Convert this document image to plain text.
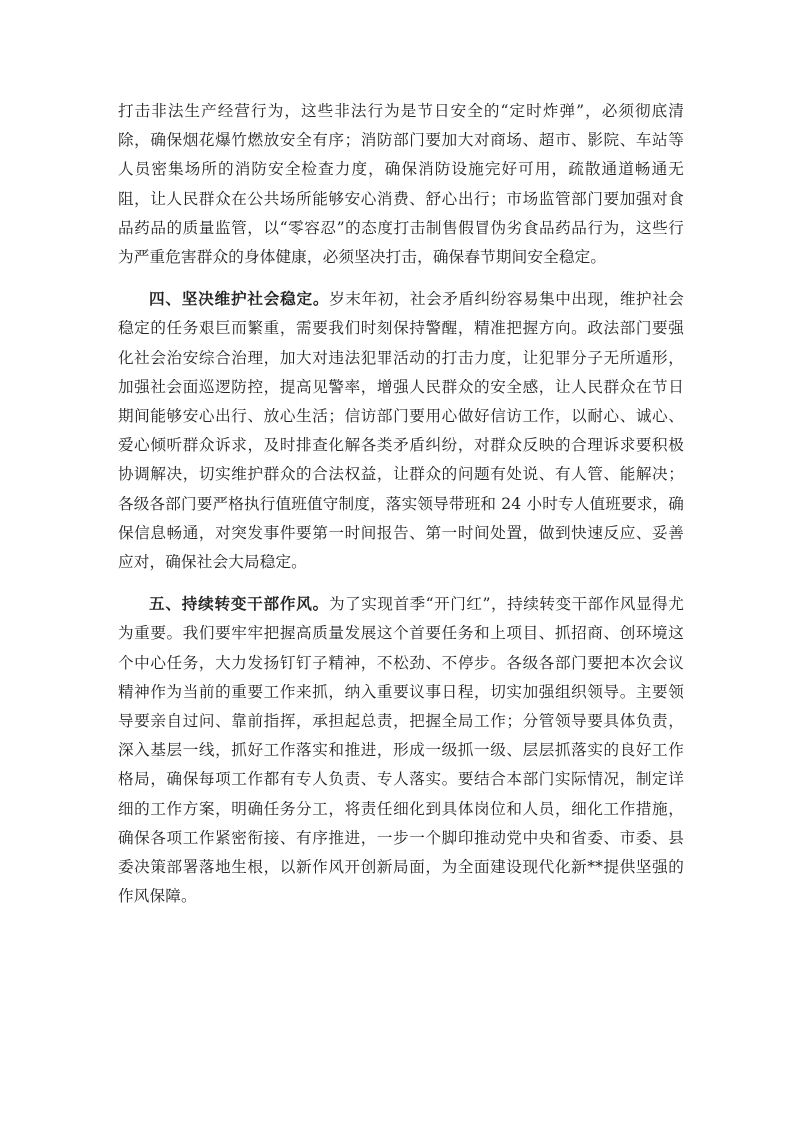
打击非法生产经营行为，这些非法行为是节日安全的“定时炸弹”，必须彻底清除，确保烟花爆竹燃放安全有序；消防部门要加大对商场、超市、影院、车站等人员密集场所的消防安全检查力度，确保消防设施完好可用，疏散通道畅通无阻，让人民群众在公共场所能够安心消费、舒心出行；市场监管部门要加强对食品药品的质量监管，以“零容忍”的态度打击制售假冒伪劣食品药品行为，这些行为严重危害群众的身体健康，必须坚决打击，确保春节期间安全稳定。

四、坚决维护社会稳定。岁末年初，社会矛盾纠纷容易集中出现，维护社会稳定的任务艰巨而繁重，需要我们时刻保持警醒，精准把握方向。政法部门要强化社会治安综合治理，加大对违法犯罪活动的打击力度，让犯罪分子无所遁形，加强社会面巡逻防控，提高见警率，增强人民群众的安全感，让人民群众在节日期间能够安心出行、放心生活；信访部门要用心做好信访工作，以耐心、诚心、爱心倾听群众诉求，及时排查化解各类矛盾纠纷，对群众反映的合理诉求要积极协调解决，切实维护群众的合法权益，让群众的问题有处说、有人管、能解决；各级各部门要严格执行值班值守制度，落实领导带班和 24 小时专人值班要求，确保信息畅通，对突发事件要第一时间报告、第一时间处置，做到快速反应、妥善应对，确保社会大局稳定。

五、持续转变干部作风。为了实现首季“开门红”，持续转变干部作风显得尤为重要。我们要牢牢把握高质量发展这个首要任务和上项目、抓招商、创环境这个中心任务，大力发扬钉钉子精神，不松劲、不停步。各级各部门要把本次会议精神作为当前的重要工作来抓，纳入重要议事日程，切实加强组织领导。主要领导要亲自过问、靠前指挥，承担起总责，把握全局工作；分管领导要具体负责，深入基层一线，抓好工作落实和推进，形成一级抓一级、层层抓落实的良好工作格局，确保每项工作都有专人负责、专人落实。要结合本部门实际情况，制定详细的工作方案，明确任务分工，将责任细化到具体岗位和人员，细化工作措施，确保各项工作紧密衔接、有序推进，一步一个脚印推动党中央和省委、市委、县委决策部署落地生根，以新作风开创新局面，为全面建设现代化新**提供坚强的作风保障。
